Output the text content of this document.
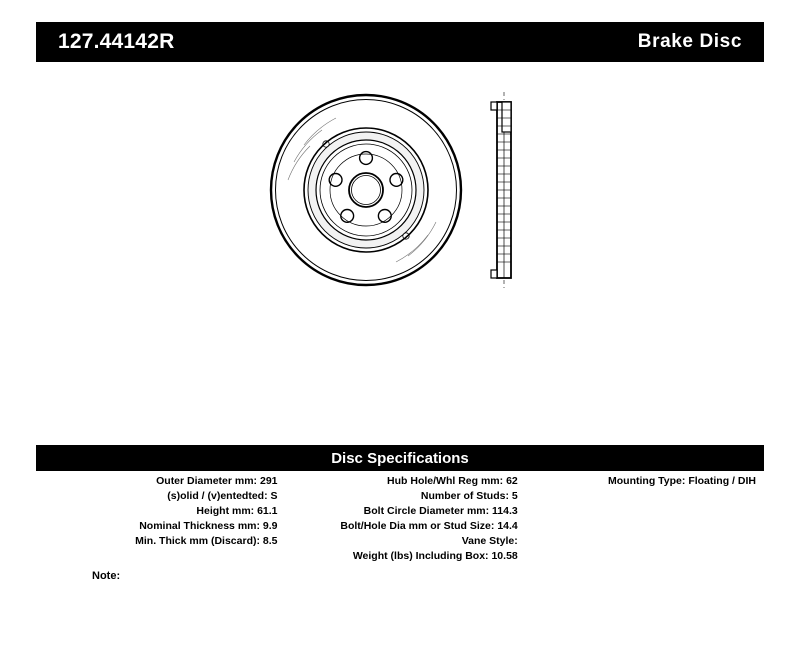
127.44142R	Brake Disc
Disc Specifications
Outer Diameter mm: 291
(s)olid / (v)entedted: S
Height mm: 61.1
Nominal Thickness mm: 9.9
Min. Thick mm (Discard): 8.5
Hub Hole/Whl Reg mm: 62
Number of Studs: 5
Bolt Circle Diameter mm: 114.3
Bolt/Hole Dia mm or Stud Size: 14.4
Vane Style:
Weight (lbs) Including Box: 10.58
Mounting Type: Floating / DIH
Note:
